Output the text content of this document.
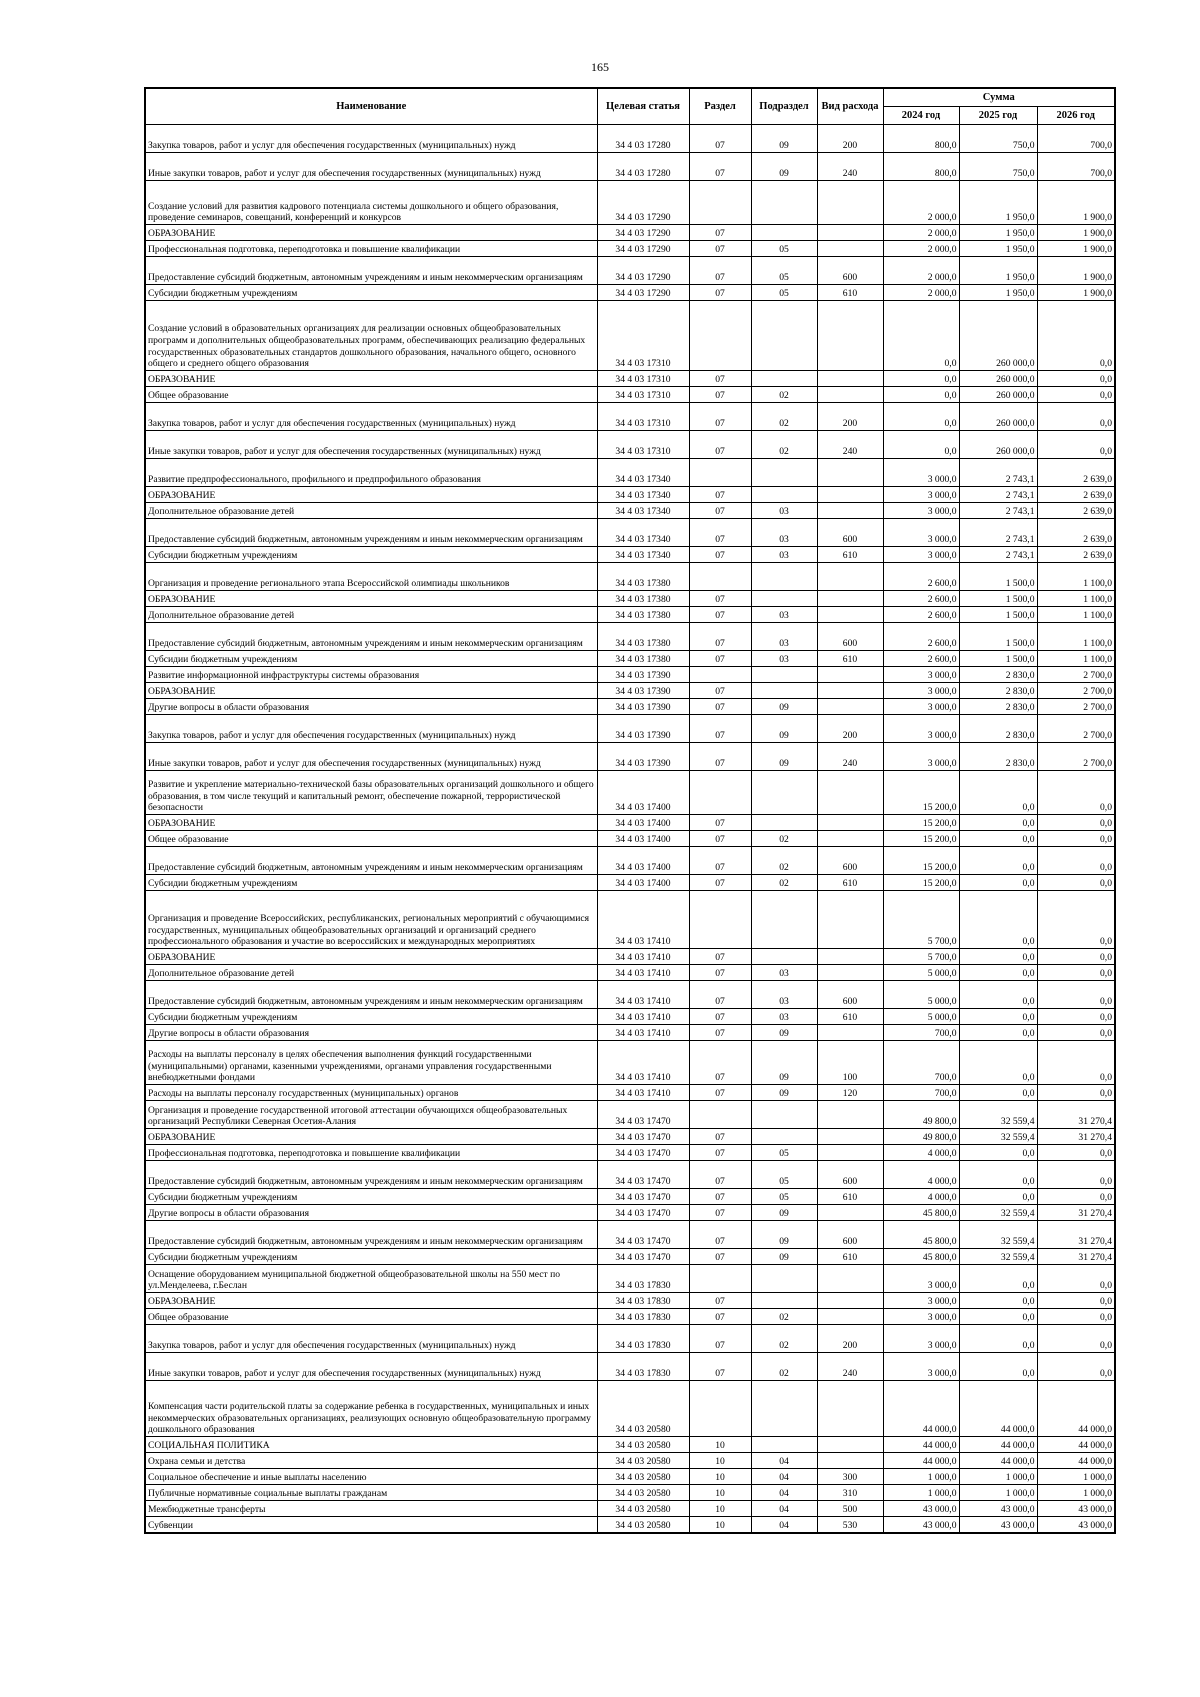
165
Наименование	Целевая статья	Раздел	Подраздел	Вид расхода	Сумма		
					2024 год	2025 год	2026 год
Закупка товаров, работ и услуг для обеспечения государственных (муниципальных) нужд	34 4 03 17280	07	09	200	800,0	750,0	700,0
Иные закупки товаров, работ и услуг для обеспечения государственных (муниципальных) нужд	34 4 03 17280	07	09	240	800,0	750,0	700,0
Создание условий для развития кадрового потенциала системы дошкольного и общего образования, проведение семинаров, совещаний, конференций и конкурсов	34 4 03 17290				2 000,0	1 950,0	1 900,0
ОБРАЗОВАНИЕ	34 4 03 17290	07			2 000,0	1 950,0	1 900,0
Профессиональная подготовка, переподготовка и повышение квалификации	34 4 03 17290	07	05		2 000,0	1 950,0	1 900,0
Предоставление субсидий бюджетным, автономным учреждениям и иным некоммерческим организациям	34 4 03 17290	07	05	600	2 000,0	1 950,0	1 900,0
Субсидии бюджетным учреждениям	34 4 03 17290	07	05	610	2 000,0	1 950,0	1 900,0
Создание условий в образовательных организациях для реализации основных общеобразовательных программ и дополнительных общеобразовательных программ, обеспечивающих реализацию федеральных государственных образовательных стандартов дошкольного образования, начального общего, основного общего и среднего общего образования	34 4 03 17310				0,0	260 000,0	0,0
ОБРАЗОВАНИЕ	34 4 03 17310	07			0,0	260 000,0	0,0
Общее образование	34 4 03 17310	07	02		0,0	260 000,0	0,0
Закупка товаров, работ и услуг для обеспечения государственных (муниципальных) нужд	34 4 03 17310	07	02	200	0,0	260 000,0	0,0
Иные закупки товаров, работ и услуг для обеспечения государственных (муниципальных) нужд	34 4 03 17310	07	02	240	0,0	260 000,0	0,0
Развитие предпрофессионального, профильного и предпрофильного образования	34 4 03 17340				3 000,0	2 743,1	2 639,0
ОБРАЗОВАНИЕ	34 4 03 17340	07			3 000,0	2 743,1	2 639,0
Дополнительное образование детей	34 4 03 17340	07	03		3 000,0	2 743,1	2 639,0
Предоставление субсидий бюджетным, автономным учреждениям и иным некоммерческим организациям	34 4 03 17340	07	03	600	3 000,0	2 743,1	2 639,0
Субсидии бюджетным учреждениям	34 4 03 17340	07	03	610	3 000,0	2 743,1	2 639,0
Организация и проведение регионального этапа Всероссийской олимпиады школьников	34 4 03 17380				2 600,0	1 500,0	1 100,0
ОБРАЗОВАНИЕ	34 4 03 17380	07			2 600,0	1 500,0	1 100,0
Дополнительное образование детей	34 4 03 17380	07	03		2 600,0	1 500,0	1 100,0
Предоставление субсидий бюджетным, автономным учреждениям и иным некоммерческим организациям	34 4 03 17380	07	03	600	2 600,0	1 500,0	1 100,0
Субсидии бюджетным учреждениям	34 4 03 17380	07	03	610	2 600,0	1 500,0	1 100,0
Развитие информационной инфраструктуры системы образования	34 4 03 17390				3 000,0	2 830,0	2 700,0
ОБРАЗОВАНИЕ	34 4 03 17390	07			3 000,0	2 830,0	2 700,0
Другие вопросы в области образования	34 4 03 17390	07	09		3 000,0	2 830,0	2 700,0
Закупка товаров, работ и услуг для обеспечения государственных (муниципальных) нужд	34 4 03 17390	07	09	200	3 000,0	2 830,0	2 700,0
Иные закупки товаров, работ и услуг для обеспечения государственных (муниципальных) нужд	34 4 03 17390	07	09	240	3 000,0	2 830,0	2 700,0
Развитие и укрепление материально-технической базы образовательных организаций дошкольного и общего образования, в том числе текущий и капитальный ремонт, обеспечение пожарной, террористической безопасности	34 4 03 17400				15 200,0	0,0	0,0
ОБРАЗОВАНИЕ	34 4 03 17400	07			15 200,0	0,0	0,0
Общее образование	34 4 03 17400	07	02		15 200,0	0,0	0,0
Предоставление субсидий бюджетным, автономным учреждениям и иным некоммерческим организациям	34 4 03 17400	07	02	600	15 200,0	0,0	0,0
Субсидии бюджетным учреждениям	34 4 03 17400	07	02	610	15 200,0	0,0	0,0
Организация и проведение Всероссийских, республиканских, региональных мероприятий с обучающимися государственных, муниципальных общеобразовательных организаций и организаций среднего профессионального образования и участие во всероссийских и международных мероприятиях	34 4 03 17410				5 700,0	0,0	0,0
ОБРАЗОВАНИЕ	34 4 03 17410	07			5 700,0	0,0	0,0
Дополнительное образование детей	34 4 03 17410	07	03		5 000,0	0,0	0,0
Предоставление субсидий бюджетным, автономным учреждениям и иным некоммерческим организациям	34 4 03 17410	07	03	600	5 000,0	0,0	0,0
Субсидии бюджетным учреждениям	34 4 03 17410	07	03	610	5 000,0	0,0	0,0
Другие вопросы в области образования	34 4 03 17410	07	09		700,0	0,0	0,0
Расходы на выплаты персоналу в целях обеспечения выполнения функций государственными (муниципальными) органами, казенными учреждениями, органами управления государственными внебюджетными фондами	34 4 03 17410	07	09	100	700,0	0,0	0,0
Расходы на выплаты персоналу государственных (муниципальных) органов	34 4 03 17410	07	09	120	700,0	0,0	0,0
Организация и проведение государственной итоговой аттестации обучающихся общеобразовательных организаций Республики Северная Осетия-Алания	34 4 03 17470				49 800,0	32 559,4	31 270,4
ОБРАЗОВАНИЕ	34 4 03 17470	07			49 800,0	32 559,4	31 270,4
Профессиональная подготовка, переподготовка и повышение квалификации	34 4 03 17470	07	05		4 000,0	0,0	0,0
Предоставление субсидий бюджетным, автономным учреждениям и иным некоммерческим организациям	34 4 03 17470	07	05	600	4 000,0	0,0	0,0
Субсидии бюджетным учреждениям	34 4 03 17470	07	05	610	4 000,0	0,0	0,0
Другие вопросы в области образования	34 4 03 17470	07	09		45 800,0	32 559,4	31 270,4
Предоставление субсидий бюджетным, автономным учреждениям и иным некоммерческим организациям	34 4 03 17470	07	09	600	45 800,0	32 559,4	31 270,4
Субсидии бюджетным учреждениям	34 4 03 17470	07	09	610	45 800,0	32 559,4	31 270,4
Оснащение оборудованием муниципальной бюджетной общеобразовательной школы на 550 мест по ул.Менделеева, г.Беслан	34 4 03 17830				3 000,0	0,0	0,0
ОБРАЗОВАНИЕ	34 4 03 17830	07			3 000,0	0,0	0,0
Общее образование	34 4 03 17830	07	02		3 000,0	0,0	0,0
Закупка товаров, работ и услуг для обеспечения государственных (муниципальных) нужд	34 4 03 17830	07	02	200	3 000,0	0,0	0,0
Иные закупки товаров, работ и услуг для обеспечения государственных (муниципальных) нужд	34 4 03 17830	07	02	240	3 000,0	0,0	0,0
Компенсация части родительской платы за содержание ребенка в государственных, муниципальных и иных некоммерческих образовательных организациях, реализующих основную общеобразовательную программу дошкольного образования	34 4 03 20580				44 000,0	44 000,0	44 000,0
СОЦИАЛЬНАЯ ПОЛИТИКА	34 4 03 20580	10			44 000,0	44 000,0	44 000,0
Охрана семьи и детства	34 4 03 20580	10	04		44 000,0	44 000,0	44 000,0
Социальное обеспечение и иные выплаты населению	34 4 03 20580	10	04	300	1 000,0	1 000,0	1 000,0
Публичные нормативные социальные выплаты гражданам	34 4 03 20580	10	04	310	1 000,0	1 000,0	1 000,0
Межбюджетные трансферты	34 4 03 20580	10	04	500	43 000,0	43 000,0	43 000,0
Субвенции	34 4 03 20580	10	04	530	43 000,0	43 000,0	43 000,0
